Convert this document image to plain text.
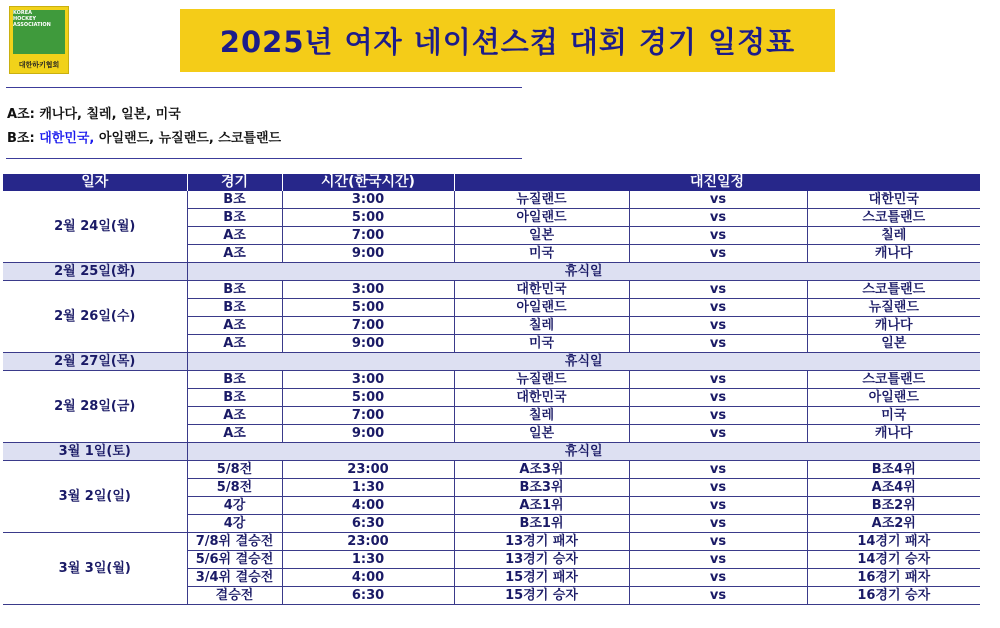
KOREA
HOCKEY
ASSOCIATION
대한하키협회
2025년 여자 네이션스컵 대회 경기 일정표
A조: 캐나다, 칠레, 일본, 미국
B조: 대한민국, 아일랜드, 뉴질랜드, 스코틀랜드
일자	경기	시간(한국시간)	대진일정		
2월 24일(월)	B조	3:00	뉴질랜드	vs	대한민국
	B조	5:00	아일랜드	vs	스코틀랜드
	A조	7:00	일본	vs	칠레
	A조	9:00	미국	vs	캐나다
2월 25일(화)	휴식일				
2월 26일(수)	B조	3:00	대한민국	vs	스코틀랜드
	B조	5:00	아일랜드	vs	뉴질랜드
	A조	7:00	칠레	vs	캐나다
	A조	9:00	미국	vs	일본
2월 27일(목)	휴식일				
2월 28일(금)	B조	3:00	뉴질랜드	vs	스코틀랜드
	B조	5:00	대한민국	vs	아일랜드
	A조	7:00	칠레	vs	미국
	A조	9:00	일본	vs	캐나다
3월 1일(토)	휴식일				
3월 2일(일)	5/8전	23:00	A조3위	vs	B조4위
	5/8전	1:30	B조3위	vs	A조4위
	4강	4:00	A조1위	vs	B조2위
	4강	6:30	B조1위	vs	A조2위
3월 3일(월)	7/8위 결승전	23:00	13경기 패자	vs	14경기 패자
	5/6위 결승전	1:30	13경기 승자	vs	14경기 승자
	3/4위 결승전	4:00	15경기 패자	vs	16경기 패자
	결승전	6:30	15경기 승자	vs	16경기 승자
